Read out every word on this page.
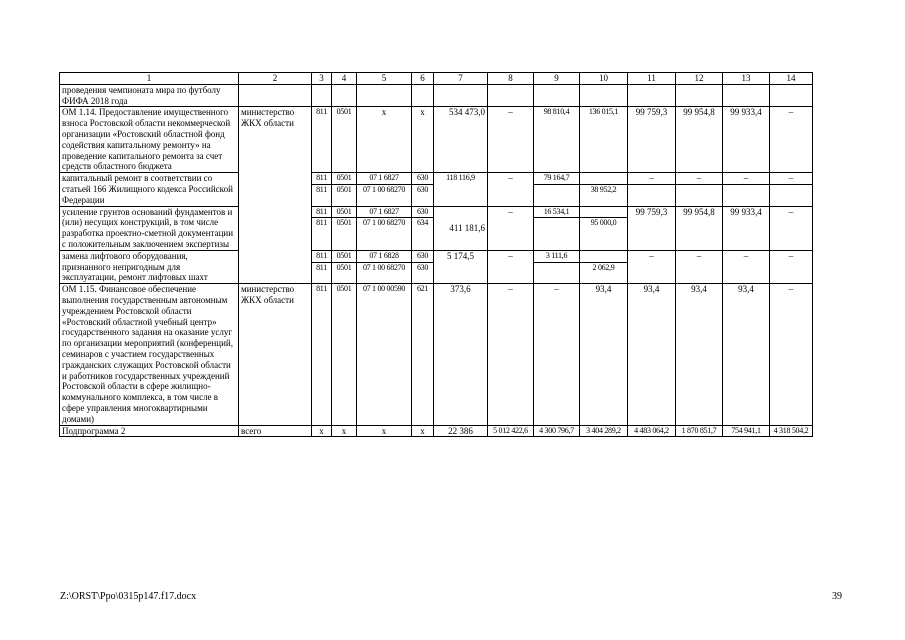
1	2	3	4	5	6	7	8	9	10	11	12	13	14
проведения чемпионата мира по футболу ФИФА 2018 года													
ОМ 1.14. Предоставление имущественного взноса Ростовской области некоммерческой организации «Ростовский областной фонд содействия капитальному ремонту» на проведение капитального ремонта за счет средств областного бюджета	министерство ЖКХ области	811	0501	х	х	534 473,0	–	98 810,4	136 015,1	99 759,3	99 954,8	99 933,4	–
капитальный ремонт в соответствии со статьей 166 Жилищного кодекса Российской Федерации		811	0501	07 1 6827	630	118 116,9	–	79 164,7		–	–	–	–
		811	0501	07 1 00 68270	630				38 952,2				
усиление грунтов оснований фундаментов и (или) несущих конструкций, в том числе разработка проектно-сметной документации с положительным заключением экспертизы		811	0501	07 1 6827	630	411 181,6	–	16 534,1		99 759,3	99 954,8	99 933,4	–
		811	0501	07 1 00 68270	634				95 000,0				
замена лифтового оборудования, признанного непригодным для эксплуатации, ремонт лифтовых шахт		811	0501	07 1 6828	630	5 174,5	–	3 111,6		–	–	–	–
		811	0501	07 1 00 68270	630				2 062,9				
ОМ 1.15. Финансовое обеспечение выполнения государственным автономным учреждением Ростовской области «Ростовский областной учебный центр» государственного задания на оказание услуг по организации мероприятий (конференций, семинаров с участием государственных гражданских служащих Ростовской области и работников государственных учреждений Ростовской области в сфере жилищно-коммунального комплекса, в том числе в сфере управления многоквартирными домами)	министерство ЖКХ области	811	0501	07 1 00 00590	621	373,6	–	–	93,4	93,4	93,4	93,4	–
Подпрограмма 2	всего	х	х	х	х	22 386	5 012 422,6	4 300 796,7	3 404 289,2	4 483 064,2	1 870 851,7	754 941,1	4 318 504,2
Z:\ORST\Ppo\0315p147.f17.docx	39
